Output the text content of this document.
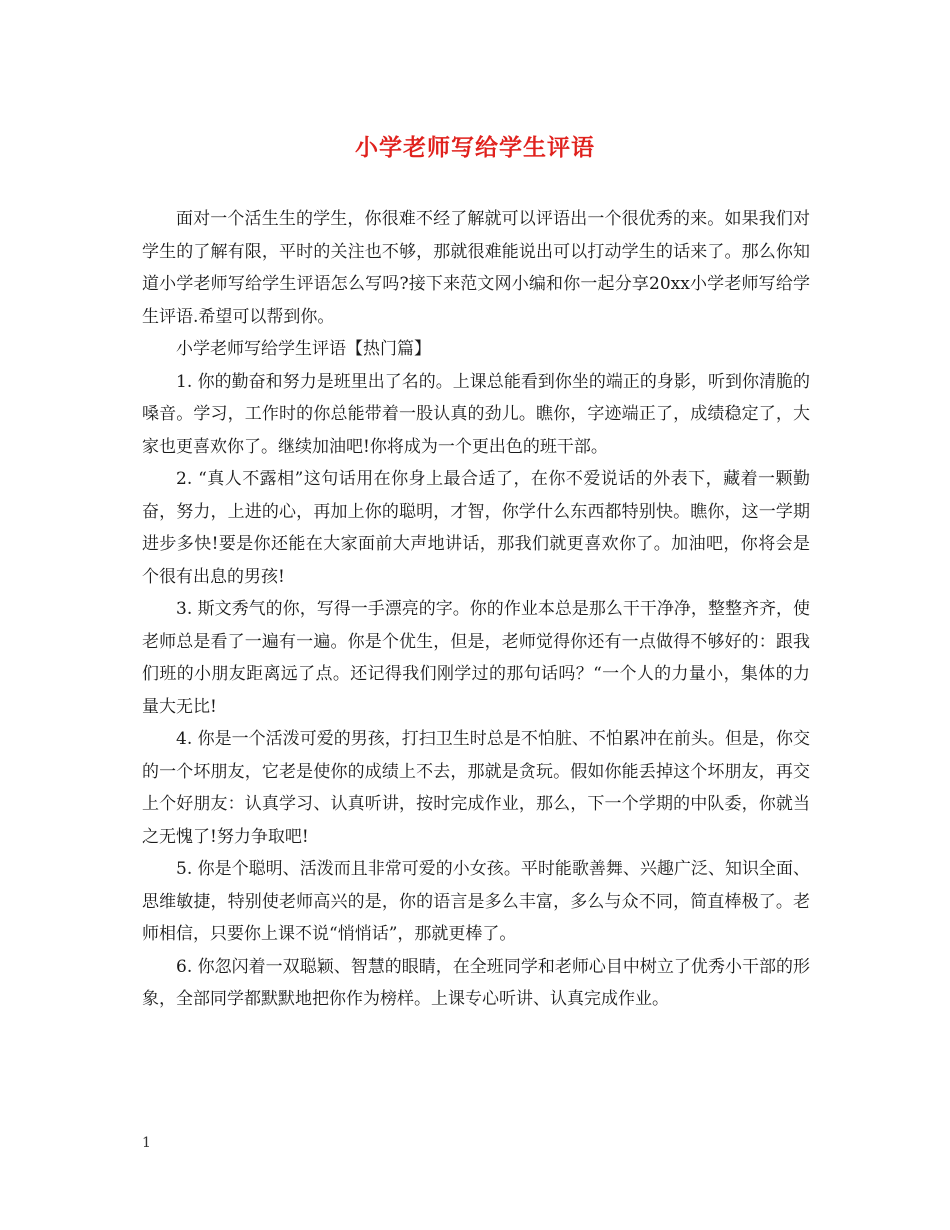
小学老师写给学生评语

面对一个活生生的学生，你很难不经了解就可以评语出一个很优秀的来。如果我们对学生的了解有限，平时的关注也不够，那就很难能说出可以打动学生的话来了。那么你知道小学老师写给学生评语怎么写吗?接下来范文网小编和你一起分享20xx小学老师写给学生评语.希望可以帮到你。

小学老师写给学生评语【热门篇】

1. 你的勤奋和努力是班里出了名的。上课总能看到你坐的端正的身影，听到你清脆的嗓音。学习，工作时的你总能带着一股认真的劲儿。瞧你，字迹端正了，成绩稳定了，大家也更喜欢你了。继续加油吧!你将成为一个更出色的班干部。

2. “真人不露相”这句话用在你身上最合适了，在你不爱说话的外表下，藏着一颗勤奋，努力，上进的心，再加上你的聪明，才智，你学什么东西都特别快。瞧你，这一学期进步多快!要是你还能在大家面前大声地讲话，那我们就更喜欢你了。加油吧，你将会是个很有出息的男孩!

3. 斯文秀气的你，写得一手漂亮的字。你的作业本总是那么干干净净，整整齐齐，使老师总是看了一遍有一遍。你是个优生，但是，老师觉得你还有一点做得不够好的：跟我们班的小朋友距离远了点。还记得我们刚学过的那句话吗？“一个人的力量小，集体的力量大无比!

4. 你是一个活泼可爱的男孩，打扫卫生时总是不怕脏、不怕累冲在前头。但是，你交的一个坏朋友，它老是使你的成绩上不去，那就是贪玩。假如你能丢掉这个坏朋友，再交上个好朋友：认真学习、认真听讲，按时完成作业，那么，下一个学期的中队委，你就当之无愧了!努力争取吧!

5. 你是个聪明、活泼而且非常可爱的小女孩。平时能歌善舞、兴趣广泛、知识全面、思维敏捷，特别使老师高兴的是，你的语言是多么丰富，多么与众不同，简直棒极了。老师相信，只要你上课不说“悄悄话”，那就更棒了。

6. 你忽闪着一双聪颖、智慧的眼睛，在全班同学和老师心目中树立了优秀小干部的形象，全部同学都默默地把你作为榜样。上课专心听讲、认真完成作业。

1
